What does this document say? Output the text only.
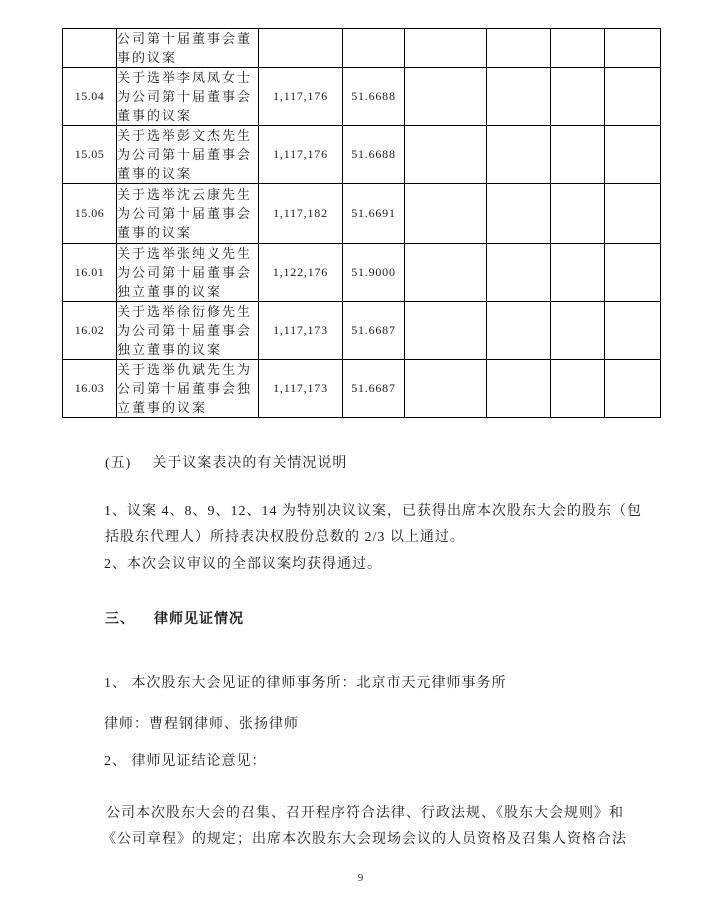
	公司第十届董事会董事的议案						
15.04	关于选举李凤凤女士为公司第十届董事会董事的议案	1,117,176	51.6688				
15.05	关于选举彭文杰先生为公司第十届董事会董事的议案	1,117,176	51.6688				
15.06	关于选举沈云康先生为公司第十届董事会董事的议案	1,117,182	51.6691				
16.01	关于选举张纯义先生为公司第十届董事会独立董事的议案	1,122,176	51.9000				
16.02	关于选举徐衍修先生为公司第十届董事会独立董事的议案	1,117,173	51.6687				
16.03	关于选举仇斌先生为公司第十届董事会独立董事的议案	1,117,173	51.6687				
(五) 关于议案表决的有关情况说明
1、议案 4、8、9、12、14 为特别决议议案，已获得出席本次股东大会的股东（包
括股东代理人）所持表决权股份总数的 2/3 以上通过。
2、本次会议审议的全部议案均获得通过。
三、 律师见证情况
1、 本次股东大会见证的律师事务所：北京市天元律师事务所
律师：曹程钢律师、张扬律师
2、 律师见证结论意见：
公司本次股东大会的召集、召开程序符合法律、行政法规、《股东大会规则》和
《公司章程》的规定；出席本次股东大会现场会议的人员资格及召集人资格合法
9
